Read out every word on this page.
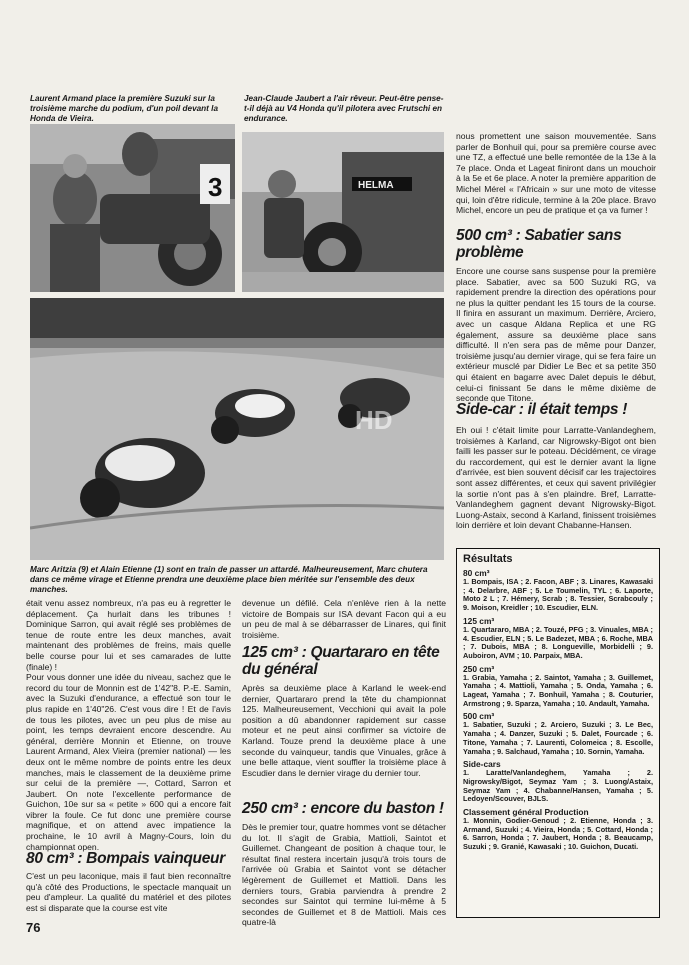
Laurent Armand place la première Suzuki sur la troisième marche du podium, d'un poil devant la Honda de Vieira.
Jean-Claude Jaubert a l'air rêveur. Peut-être pense-t-il déjà au V4 Honda qu'il pilotera avec Frutschi en endurance.
3	HELMA
HD
Marc Aritzia (9) et Alain Etienne (1) sont en train de passer un attardé. Malheureusement, Marc chutera dans ce même virage et Etienne prendra une deuxième place bien méritée sur l'ensemble des deux manches.
nous promettent une saison mouvementée. Sans parler de Bonhuil qui, pour sa première course avec une TZ, a effectué une belle remontée de la 13e à la 7e place. Onda et Lageat finiront dans un mouchoir à la 5e et 6e place. A noter la première apparition de Michel Mérel « l'Africain » sur une moto de vitesse qui, loin d'être ridicule, termine à la 20e place. Bravo Michel, encore un peu de pratique et ça va fumer !
500 cm³ : Sabatier sans problème
Encore une course sans suspense pour la première place. Sabatier, avec sa 500 Suzuki RG, va rapidement prendre la direction des opérations pour ne plus la quitter pendant les 15 tours de la course. Il finira en assurant un maximum. Derrière, Arciero, avec un casque Aldana Replica et une RG également, assure sa deuxième place sans difficulté. Il n'en sera pas de même pour Danzer, troisième jusqu'au dernier virage, qui se fera faire un extérieur musclé par Didier Le Bec et sa petite 350 qui étaient en bagarre avec Dalet depuis le début, celui-ci finissant 5e dans le même dixième de seconde que Titone.
Side-car : il était temps !
Eh oui ! c'était limite pour Larratte-Vanlandeghem, troisièmes à Karland, car Nigrowsky-Bigot ont bien failli les passer sur le poteau. Décidément, ce virage du raccordement, qui est le dernier avant la ligne d'arrivée, est bien souvent décisif car les trajectoires sont assez différentes, et ceux qui savent privilégier la sortie n'ont pas à s'en plaindre. Bref, Larratte-Vanlandeghem gagnent devant Nigrowsky-Bigot. Luong-Astaix, second à Karland, finissent troisièmes loin derrière et loin devant Chabanne-Hansen.
Résultats
80 cm³
1. Bompais, ISA ; 2. Facon, ABF ; 3. Linares, Kawasaki ; 4. Delarbre, ABF ; 5. Le Toumelin, TYL ; 6. Laporte, Moto 2 L ; 7. Hémery, Scrab ; 8. Tessier, Scrabcouly ; 9. Moison, Kreidler ; 10. Escudier, ELN.
125 cm³
1. Quartararo, MBA ; 2. Touzé, PFG ; 3. Vinuales, MBA ; 4. Escudier, ELN ; 5. Le Badezet, MBA ; 6. Roche, MBA ; 7. Dubois, MBA ; 8. Longueville, Morbidelli ; 9. Auboiron, AVM ; 10. Parpaix, MBA.
250 cm³
1. Grabia, Yamaha ; 2. Saintot, Yamaha ; 3. Guillemet, Yamaha ; 4. Mattioli, Yamaha ; 5. Onda, Yamaha ; 6. Lageat, Yamaha ; 7. Bonhuil, Yamaha ; 8. Couturier, Armstrong ; 9. Sparza, Yamaha ; 10. Andault, Yamaha.
500 cm³
1. Sabatier, Suzuki ; 2. Arciero, Suzuki ; 3. Le Bec, Yamaha ; 4. Danzer, Suzuki ; 5. Dalet, Fourcade ; 6. Titone, Yamaha ; 7. Laurenti, Colomeica ; 8. Escolle, Yamaha ; 9. Salchaud, Yamaha ; 10. Sornin, Yamaha.
Side-cars
1. Laratte/Vanlandeghem, Yamaha ; 2. Nigrowsky/Bigot, Seymaz Yam ; 3. Luong/Astaix, Seymaz Yam ; 4. Chabanne/Hansen, Yamaha ; 5. Ledoyen/Scouver, BJLS.
Classement général Production
1. Monnin, Godier-Genoud ; 2. Etienne, Honda ; 3. Armand, Suzuki ; 4. Vieira, Honda ; 5. Cottard, Honda ; 6. Sarron, Honda ; 7. Jaubert, Honda ; 8. Beaucamp, Suzuki ; 9. Granié, Kawasaki ; 10. Guichon, Ducati.
était venu assez nombreux, n'a pas eu à regretter le déplacement. Ça hurlait dans les tribunes ! Dominique Sarron, qui avait réglé ses problèmes de tenue de route entre les deux manches, avait maintenant des problèmes de freins, mais quelle belle course pour lui et ses camarades de lutte (finale) !
Pour vous donner une idée du niveau, sachez que le record du tour de Monnin est de 1'42"8. P.-E. Samin, avec la Suzuki d'endurance, a effectué son tour le plus rapide en 1'40"26. C'est vous dire ! Et de l'avis de tous les pilotes, avec un peu plus de mise au point, les temps devraient encore descendre. Au général, derrière Monnin et Etienne, on trouve Laurent Armand, Alex Vieira (premier national) — les deux ont le même nombre de points entre les deux manches, mais le classement de la deuxième prime sur celui de la première —, Cottard, Sarron et Jaubert. On note l'excellente performance de Guichon, 10e sur sa « petite » 600 qui a encore fait vibrer la foule. Ce fut donc une première course magnifique, et on attend avec impatience la prochaine, le 10 avril à Magny-Cours, loin du championnat open.
80 cm³ : Bompais vainqueur
C'est un peu laconique, mais il faut bien reconnaître qu'à côté des Productions, le spectacle manquait un peu d'ampleur. La qualité du matériel et des pilotes est si disparate que la course est vite
devenue un défilé. Cela n'enlève rien à la nette victoire de Bompais sur ISA devant Facon qui a eu un peu de mal à se débarrasser de Linares, qui finit troisième.
125 cm³ : Quartararo en tête du général
Après sa deuxième place à Karland le week-end dernier, Quartararo prend la tête du championnat 125. Malheureusement, Vecchioni qui avait la pole position a dû abandonner rapidement sur casse moteur et ne peut ainsi confirmer sa victoire de Karland. Touze prend la deuxième place à une seconde du vainqueur, tandis que Vinuales, grâce à une belle attaque, vient souffler la troisième place à Escudier dans le dernier virage du dernier tour.
250 cm³ : encore du baston !
Dès le premier tour, quatre hommes vont se détacher du lot. Il s'agit de Grabia, Mattioli, Saintot et Guillemet. Changeant de position à chaque tour, le résultat final restera incertain jusqu'à trois tours de l'arrivée où Grabia et Saintot vont se détacher légèrement de Guillemet et Mattioli. Dans les derniers tours, Grabia parviendra à prendre 2 secondes sur Saintot qui termine lui-même à 5 secondes de Guillemet et 8 de Mattioli. Mais ces quatre-là
76
